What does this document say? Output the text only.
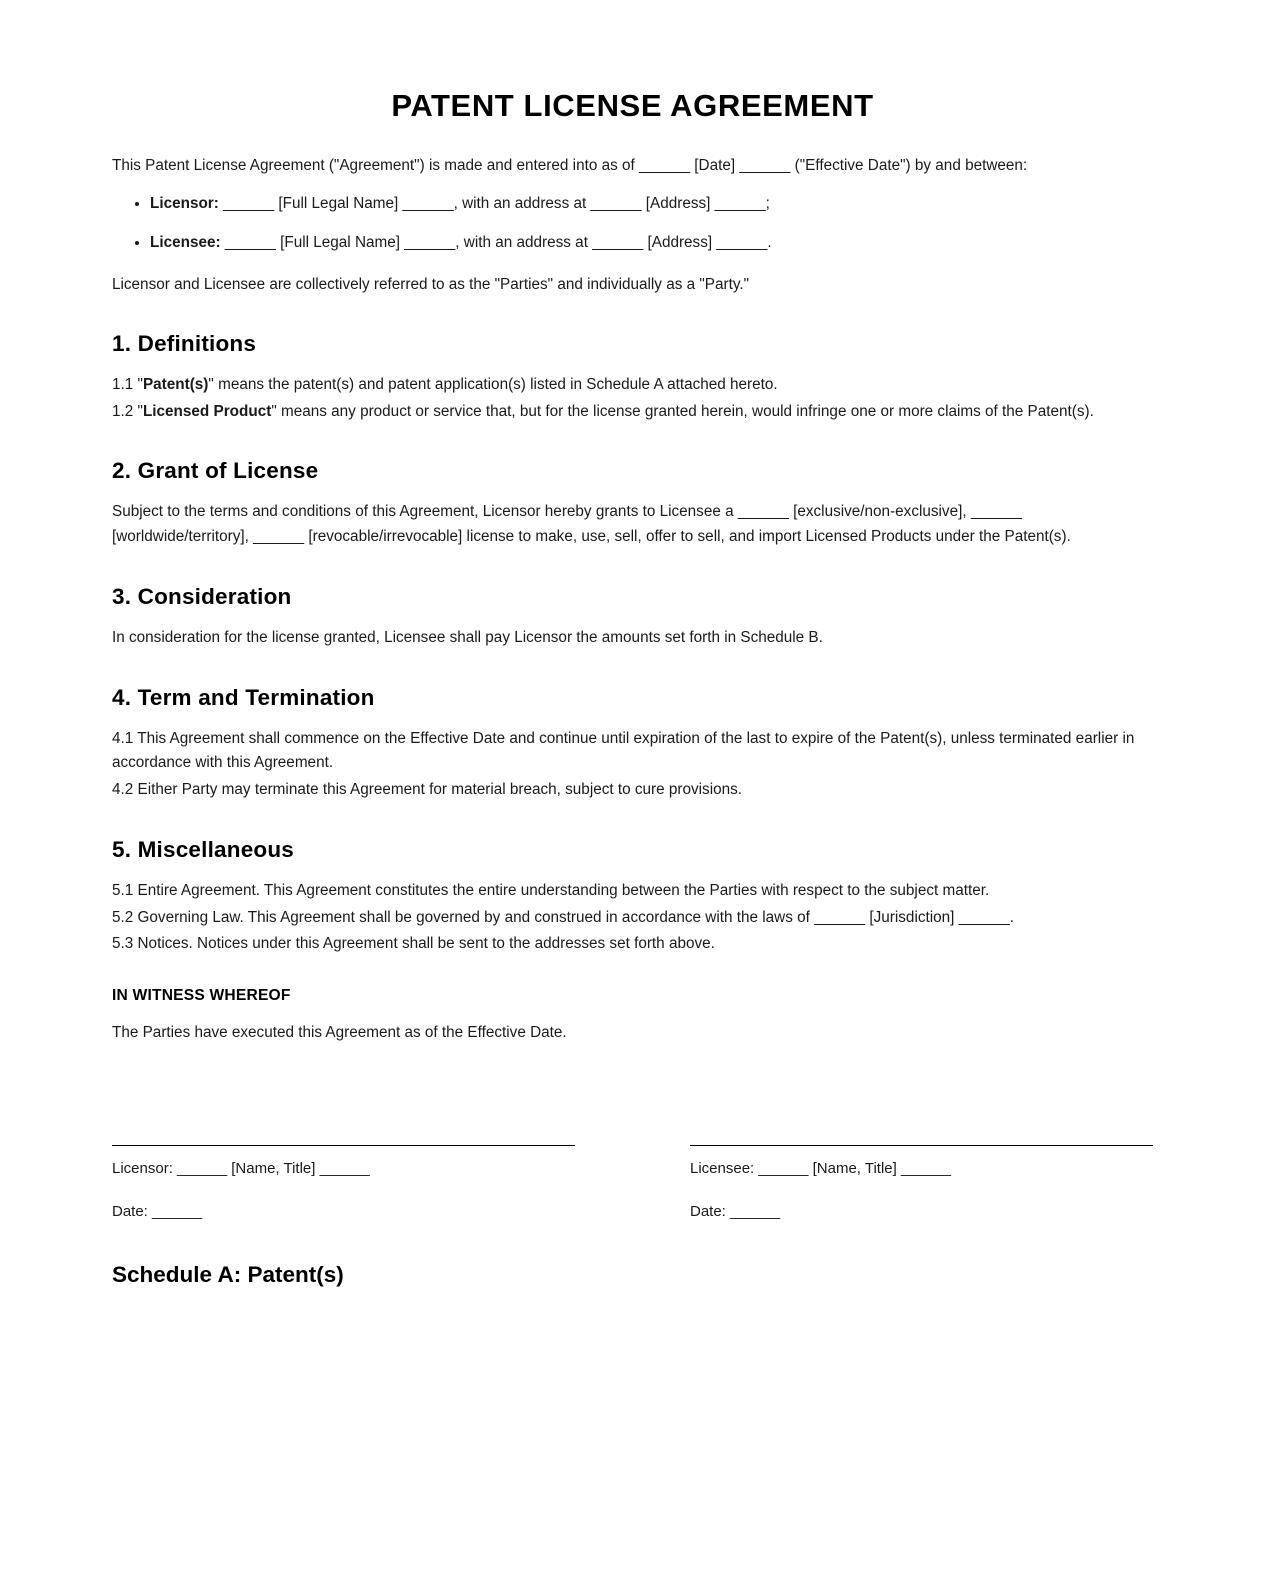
PATENT LICENSE AGREEMENT

This Patent License Agreement ("Agreement") is made and entered into as of ______ [Date] ______ ("Effective Date") by and between:

• Licensor: ______ [Full Legal Name] ______, with an address at ______ [Address] ______;
• Licensee: ______ [Full Legal Name] ______, with an address at ______ [Address] ______.

Licensor and Licensee are collectively referred to as the "Parties" and individually as a "Party."

1. Definitions

1.1 "Patent(s)" means the patent(s) and patent application(s) listed in Schedule A attached hereto.

1.2 "Licensed Product" means any product or service that, but for the license granted herein, would infringe one or more claims of the Patent(s).

2. Grant of License

Subject to the terms and conditions of this Agreement, Licensor hereby grants to Licensee a ______ [exclusive/non-exclusive], ______ [worldwide/territory], ______ [revocable/irrevocable] license to make, use, sell, offer to sell, and import Licensed Products under the Patent(s).

3. Consideration

In consideration for the license granted, Licensee shall pay Licensor the amounts set forth in Schedule B.

4. Term and Termination

4.1 This Agreement shall commence on the Effective Date and continue until expiration of the last to expire of the Patent(s), unless terminated earlier in accordance with this Agreement.

4.2 Either Party may terminate this Agreement for material breach, subject to cure provisions.

5. Miscellaneous

5.1 Entire Agreement. This Agreement constitutes the entire understanding between the Parties with respect to the subject matter.

5.2 Governing Law. This Agreement shall be governed by and construed in accordance with the laws of ______ [Jurisdiction] ______.

5.3 Notices. Notices under this Agreement shall be sent to the addresses set forth above.

IN WITNESS WHEREOF

The Parties have executed this Agreement as of the Effective Date.

Licensor: ______ [Name, Title] ______

Date: ______

Licensee: ______ [Name, Title] ______

Date: ______

Schedule A: Patent(s)
